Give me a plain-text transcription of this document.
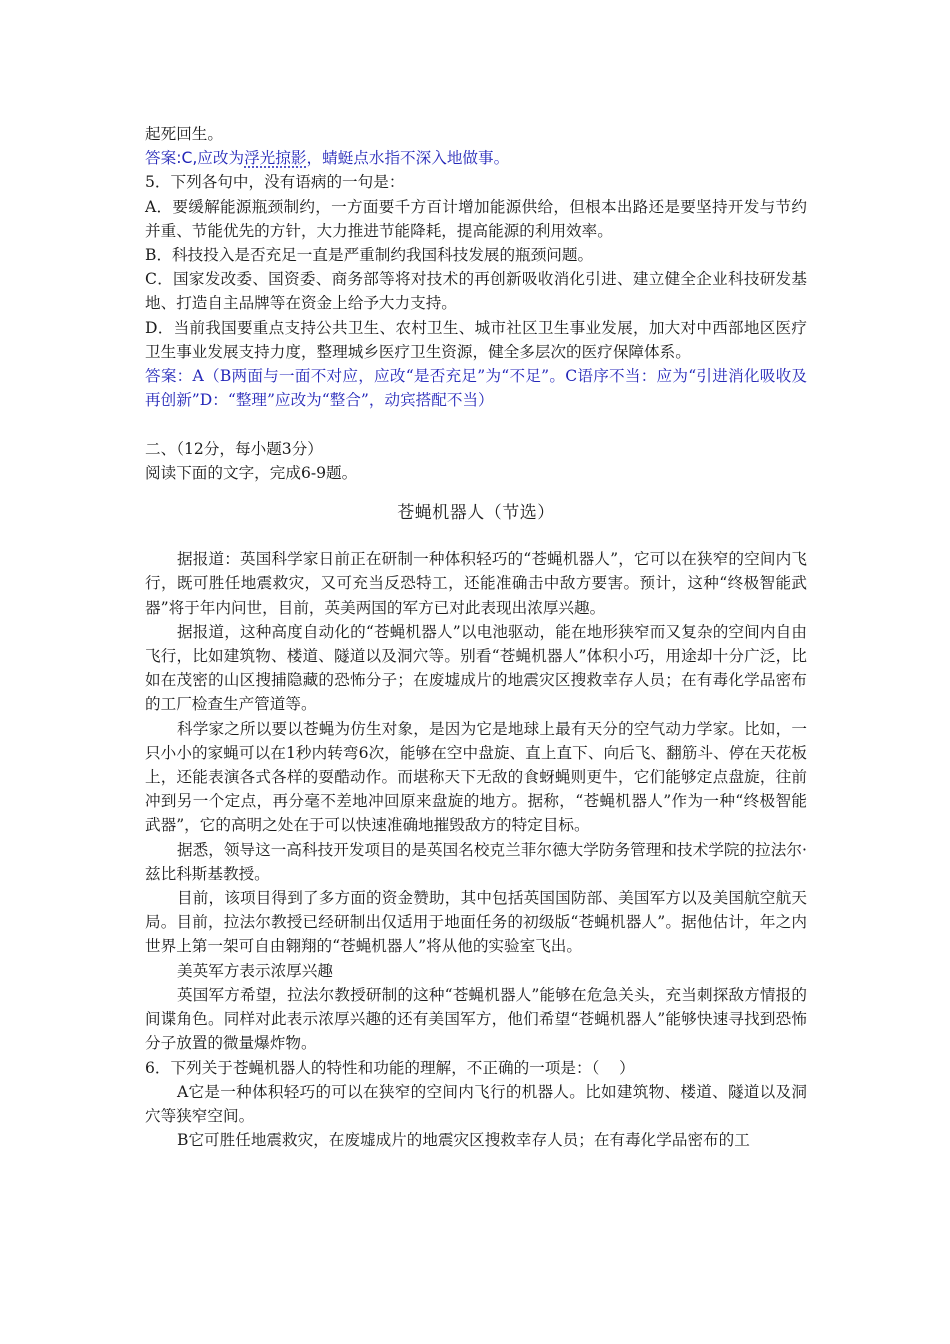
起死回生。
答案:C,应改为浮光掠影，蜻蜓点水指不深入地做事。
5．下列各句中，没有语病的一句是：
A．要缓解能源瓶颈制约，一方面要千方百计增加能源供给，但根本出路还是要坚持开发与节约并重、节能优先的方针，大力推进节能降耗，提高能源的利用效率。
B．科技投入是否充足一直是严重制约我国科技发展的瓶颈问题。
C．国家发改委、国资委、商务部等将对技术的再创新吸收消化引进、建立健全企业科技研发基地、打造自主品牌等在资金上给予大力支持。
D．当前我国要重点支持公共卫生、农村卫生、城市社区卫生事业发展，加大对中西部地区医疗卫生事业发展支持力度，整理城乡医疗卫生资源，健全多层次的医疗保障体系。
答案：A（B两面与一面不对应，应改“是否充足”为“不足”。C语序不当：应为“引进消化吸收及再创新”D：“整理”应改为“整合”，动宾搭配不当）
二、（12分，每小题3分）
阅读下面的文字，完成6-9题。
苍蝇机器人（节选）
据报道：英国科学家日前正在研制一种体积轻巧的“苍蝇机器人”，它可以在狭窄的空间内飞行，既可胜任地震救灾，又可充当反恐特工，还能准确击中敌方要害。预计，这种“终极智能武器”将于年内问世，目前，英美两国的军方已对此表现出浓厚兴趣。
据报道，这种高度自动化的“苍蝇机器人”以电池驱动，能在地形狭窄而又复杂的空间内自由飞行，比如建筑物、楼道、隧道以及洞穴等。别看“苍蝇机器人”体积小巧，用途却十分广泛，比如在茂密的山区搜捕隐藏的恐怖分子；在废墟成片的地震灾区搜救幸存人员；在有毒化学品密布的工厂检查生产管道等。
科学家之所以要以苍蝇为仿生对象，是因为它是地球上最有天分的空气动力学家。比如，一只小小的家蝇可以在1秒内转弯6次，能够在空中盘旋、直上直下、向后飞、翻筋斗、停在天花板上，还能表演各式各样的耍酷动作。而堪称天下无敌的食蚜蝇则更牛，它们能够定点盘旋，往前冲到另一个定点，再分毫不差地冲回原来盘旋的地方。据称，“苍蝇机器人”作为一种“终极智能武器”，它的高明之处在于可以快速准确地摧毁敌方的特定目标。
据悉，领导这一高科技开发项目的是英国名校克兰菲尔德大学防务管理和技术学院的拉法尔·兹比科斯基教授。
目前，该项目得到了多方面的资金赞助，其中包括英国国防部、美国军方以及美国航空航天局。目前，拉法尔教授已经研制出仅适用于地面任务的初级版“苍蝇机器人”。据他估计，年之内世界上第一架可自由翱翔的“苍蝇机器人”将从他的实验室飞出。
美英军方表示浓厚兴趣
英国军方希望，拉法尔教授研制的这种“苍蝇机器人”能够在危急关头，充当刺探敌方情报的间谍角色。同样对此表示浓厚兴趣的还有美国军方，他们希望“苍蝇机器人”能够快速寻找到恐怖分子放置的微量爆炸物。
6．下列关于苍蝇机器人的特性和功能的理解，不正确的一项是：（    ）
A它是一种体积轻巧的可以在狭窄的空间内飞行的机器人。比如建筑物、楼道、隧道以及洞穴等狭窄空间。
B它可胜任地震救灾，在废墟成片的地震灾区搜救幸存人员；在有毒化学品密布的工
